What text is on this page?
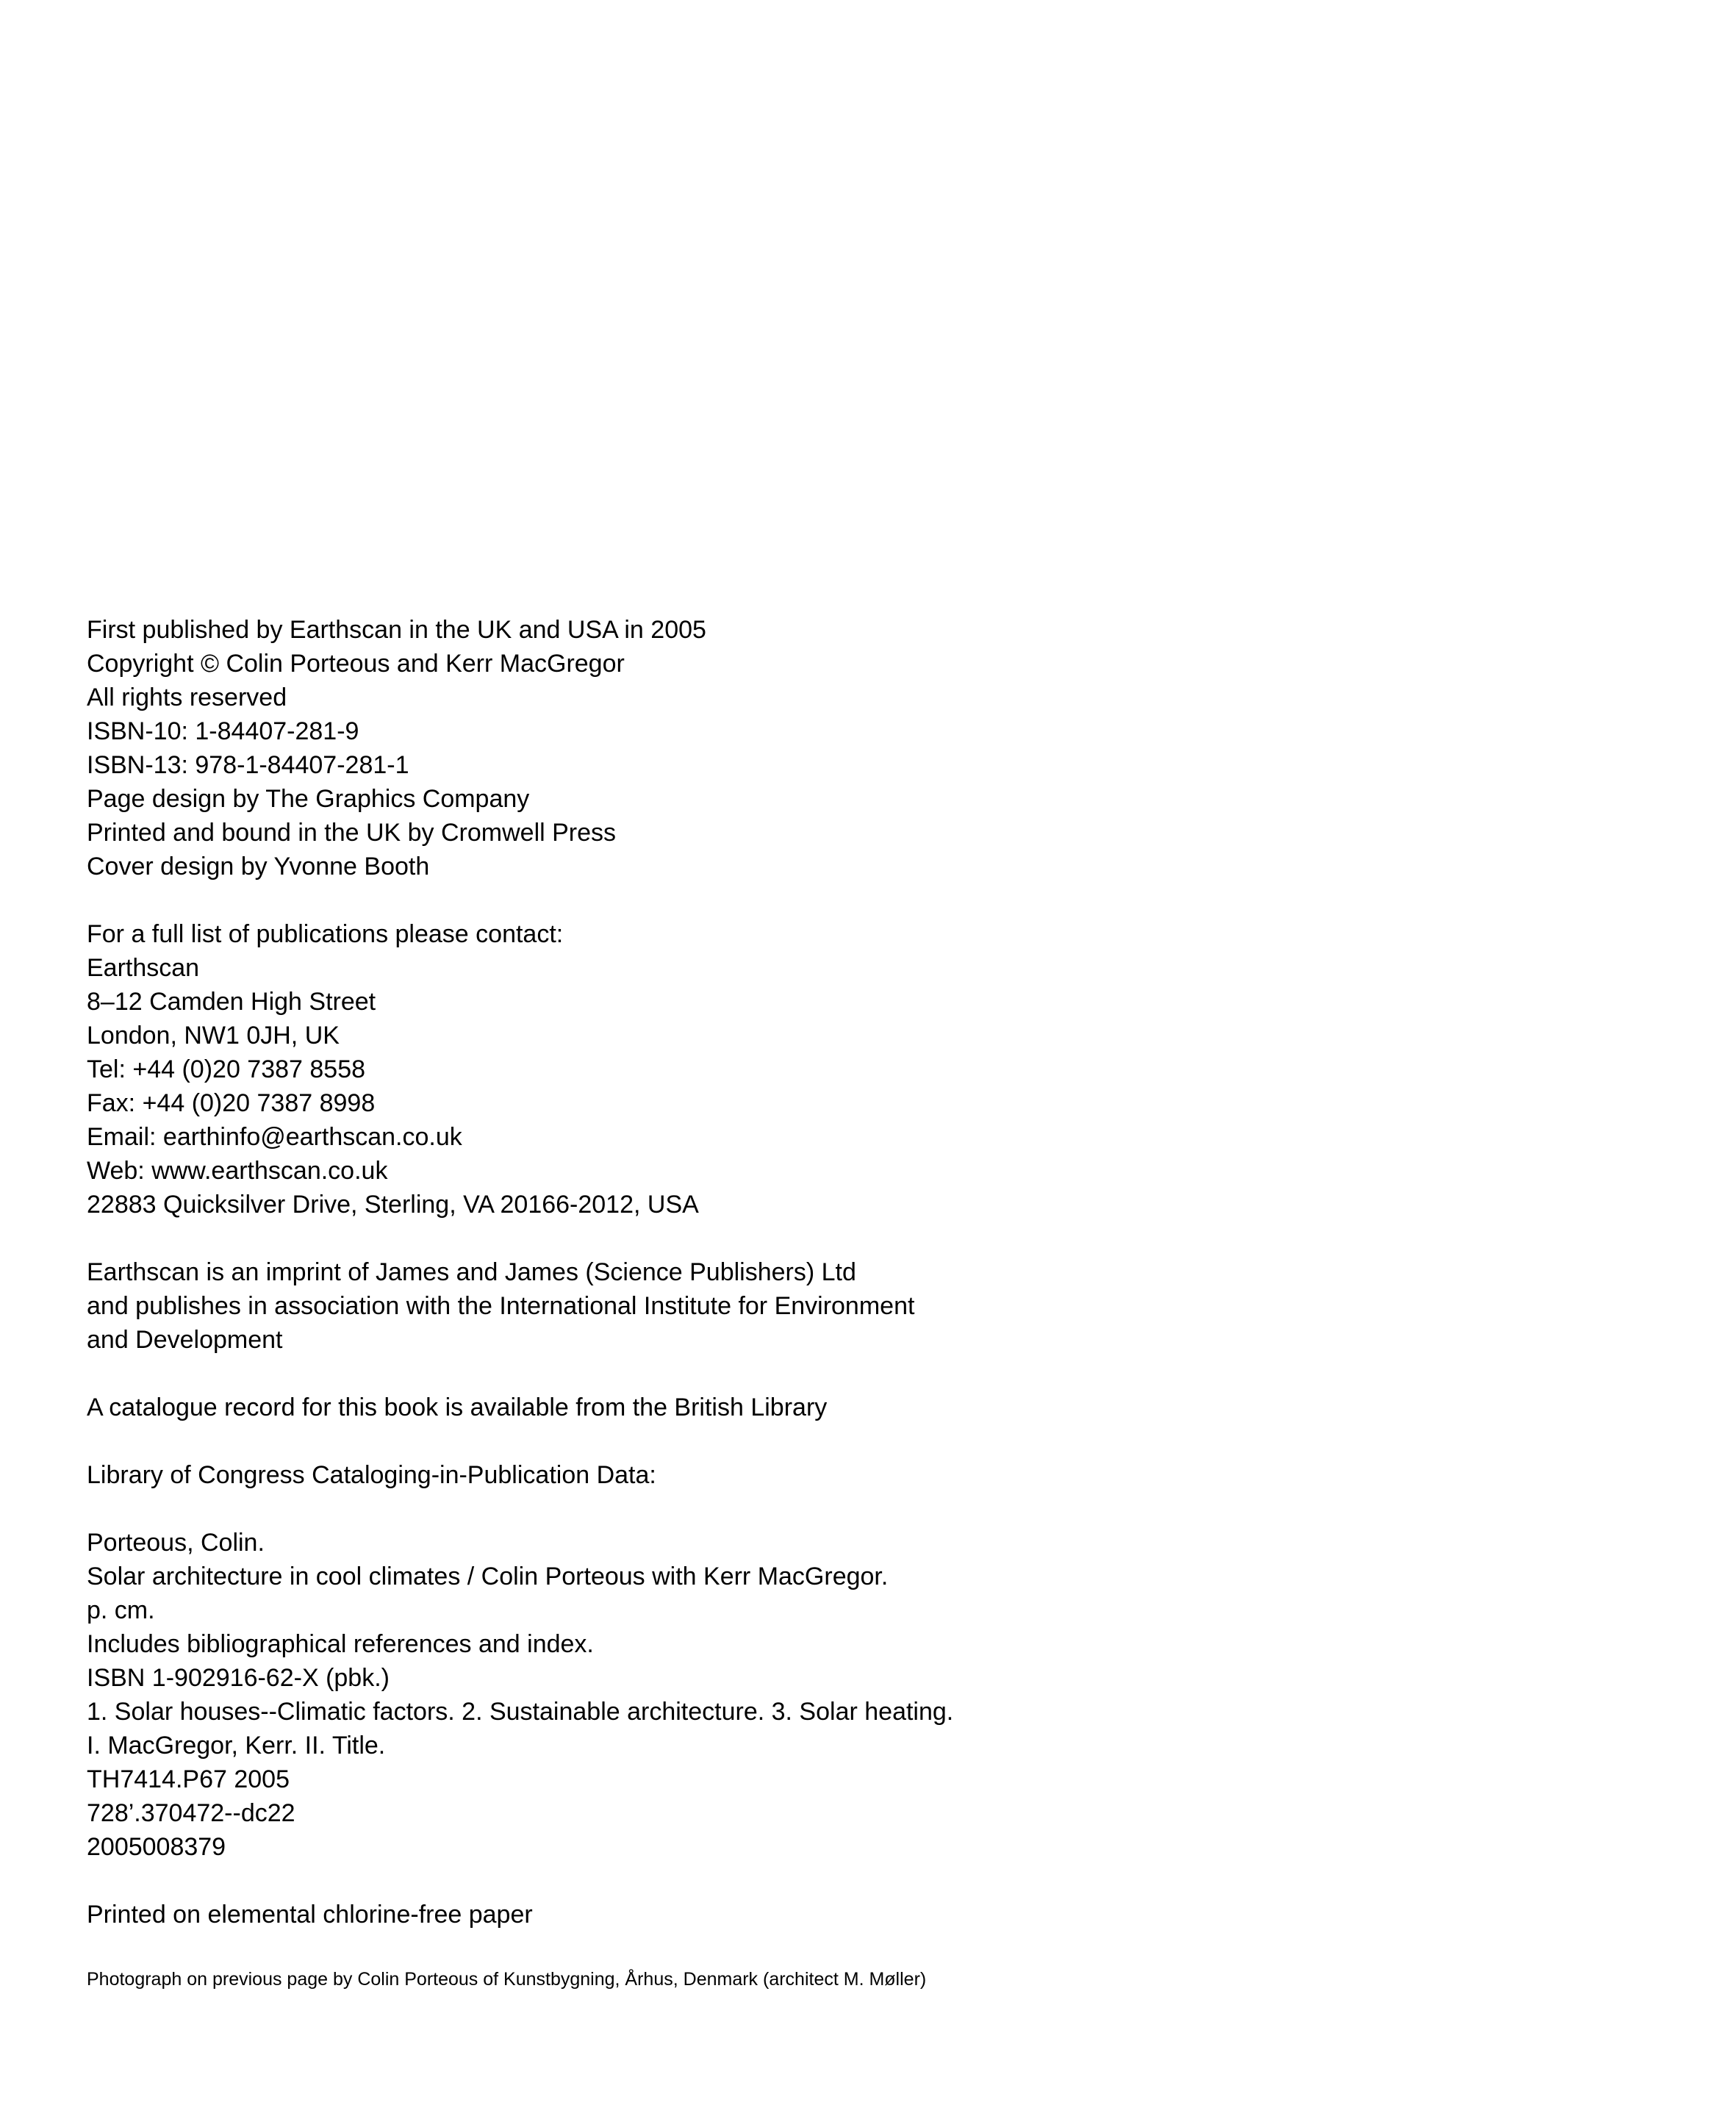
First published by Earthscan in the UK and USA in 2005
Copyright © Colin Porteous and Kerr MacGregor
All rights reserved
ISBN-10: 1-84407-281-9
ISBN-13: 978-1-84407-281-1
Page design by The Graphics Company
Printed and bound in the UK by Cromwell Press
Cover design by Yvonne Booth
For a full list of publications please contact:
Earthscan
8–12 Camden High Street
London, NW1 0JH, UK
Tel: +44 (0)20 7387 8558
Fax: +44 (0)20 7387 8998
Email: earthinfo@earthscan.co.uk
Web: www.earthscan.co.uk
22883 Quicksilver Drive, Sterling, VA 20166-2012, USA
Earthscan is an imprint of James and James (Science Publishers) Ltd
and publishes in association with the International Institute for Environment
and Development
A catalogue record for this book is available from the British Library
Library of Congress Cataloging-in-Publication Data:
Porteous, Colin.
Solar architecture in cool climates / Colin Porteous with Kerr MacGregor.
p. cm.
Includes bibliographical references and index.
ISBN 1-902916-62-X (pbk.)
1. Solar houses--Climatic factors. 2. Sustainable architecture. 3. Solar heating.
I. MacGregor, Kerr. II. Title.
TH7414.P67 2005
728’.370472--dc22
2005008379
Printed on elemental chlorine-free paper
Photograph on previous page by Colin Porteous of Kunstbygning, Århus, Denmark (architect M. Møller)
